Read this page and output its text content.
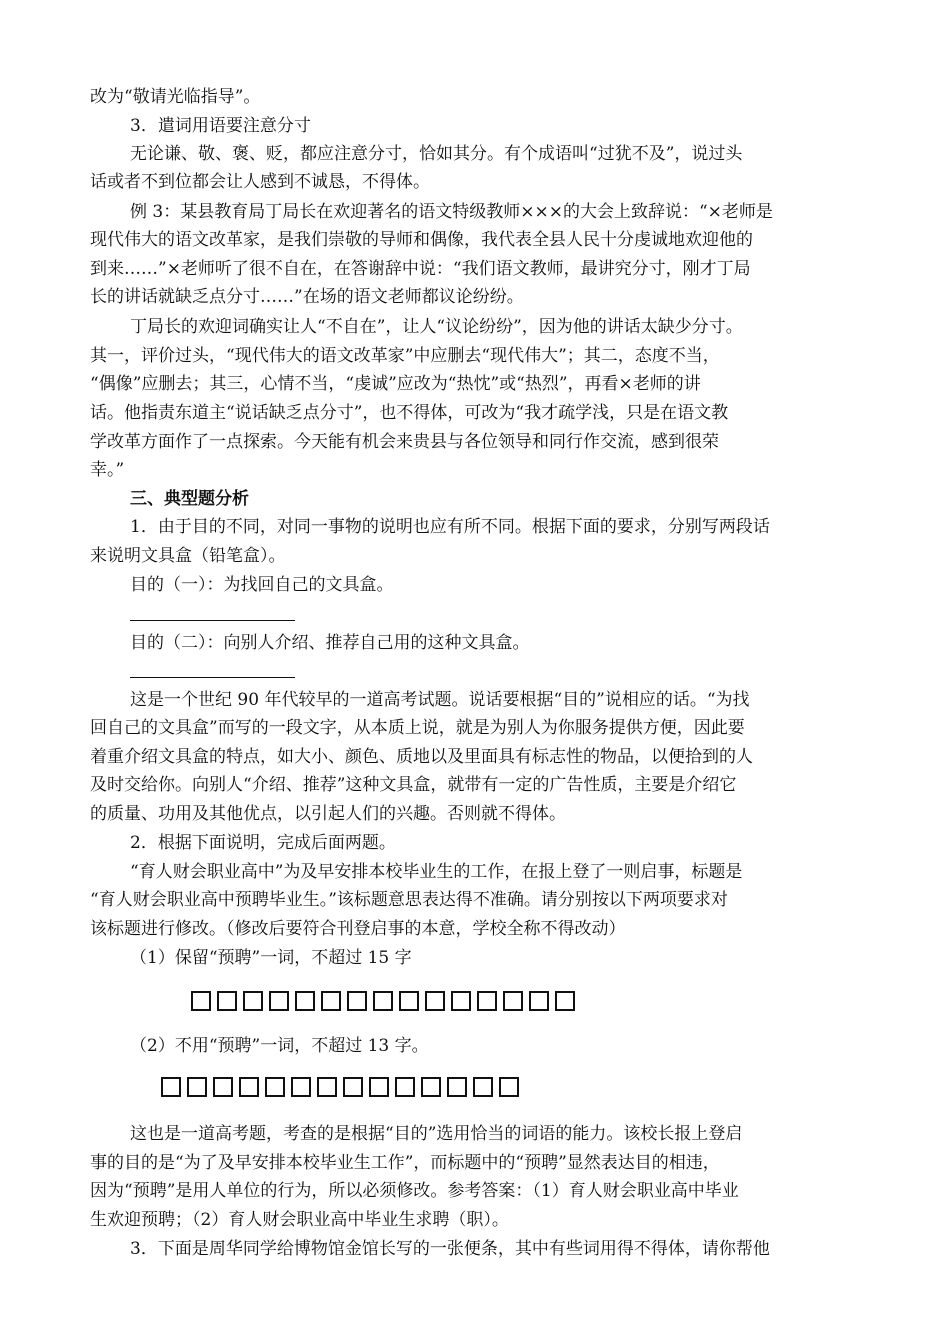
改为“敬请光临指导”。
3．遣词用语要注意分寸
无论谦、敬、褒、贬，都应注意分寸，恰如其分。有个成语叫“过犹不及”，说过头
话或者不到位都会让人感到不诚恳，不得体。
例 3：某县教育局丁局长在欢迎著名的语文特级教师×××的大会上致辞说：“×老师是
现代伟大的语文改革家，是我们崇敬的导师和偶像，我代表全县人民十分虔诚地欢迎他的
到来……”×老师听了很不自在，在答谢辞中说：“我们语文教师，最讲究分寸，刚才丁局
长的讲话就缺乏点分寸……”在场的语文老师都议论纷纷。
丁局长的欢迎词确实让人“不自在”，让人“议论纷纷”，因为他的讲话太缺少分寸。
其一，评价过头，“现代伟大的语文改革家”中应删去“现代伟大”；其二，态度不当，
“偶像”应删去；其三，心情不当，“虔诚”应改为“热忱”或“热烈”，再看×老师的讲
话。他指责东道主“说话缺乏点分寸”，也不得体，可改为“我才疏学浅，只是在语文教
学改革方面作了一点探索。今天能有机会来贵县与各位领导和同行作交流，感到很荣
幸。”
三、典型题分析
1．由于目的不同，对同一事物的说明也应有所不同。根据下面的要求，分别写两段话
来说明文具盒（铅笔盒）。
目的（一）：为找回自己的文具盒。
目的（二）：向别人介绍、推荐自己用的这种文具盒。
这是一个世纪 90 年代较早的一道高考试题。说话要根据“目的”说相应的话。“为找
回自己的文具盒”而写的一段文字，从本质上说，就是为别人为你服务提供方便，因此要
着重介绍文具盒的特点，如大小、颜色、质地以及里面具有标志性的物品，以便拾到的人
及时交给你。向别人“介绍、推荐”这种文具盒，就带有一定的广告性质，主要是介绍它
的质量、功用及其他优点，以引起人们的兴趣。否则就不得体。
2．根据下面说明，完成后面两题。
“育人财会职业高中”为及早安排本校毕业生的工作，在报上登了一则启事，标题是
“育人财会职业高中预聘毕业生。”该标题意思表达得不准确。请分别按以下两项要求对
该标题进行修改。（修改后要符合刊登启事的本意，学校全称不得改动）
（1）保留“预聘”一词，不超过 15 字
（2）不用“预聘”一词，不超过 13 字。
这也是一道高考题，考查的是根据“目的”选用恰当的词语的能力。该校长报上登启
事的目的是“为了及早安排本校毕业生工作”，而标题中的“预聘”显然表达目的相违，
因为“预聘”是用人单位的行为，所以必须修改。参考答案：（1）育人财会职业高中毕业
生欢迎预聘；（2）育人财会职业高中毕业生求聘（职）。
3．下面是周华同学给博物馆金馆长写的一张便条，其中有些词用得不得体，请你帮他
